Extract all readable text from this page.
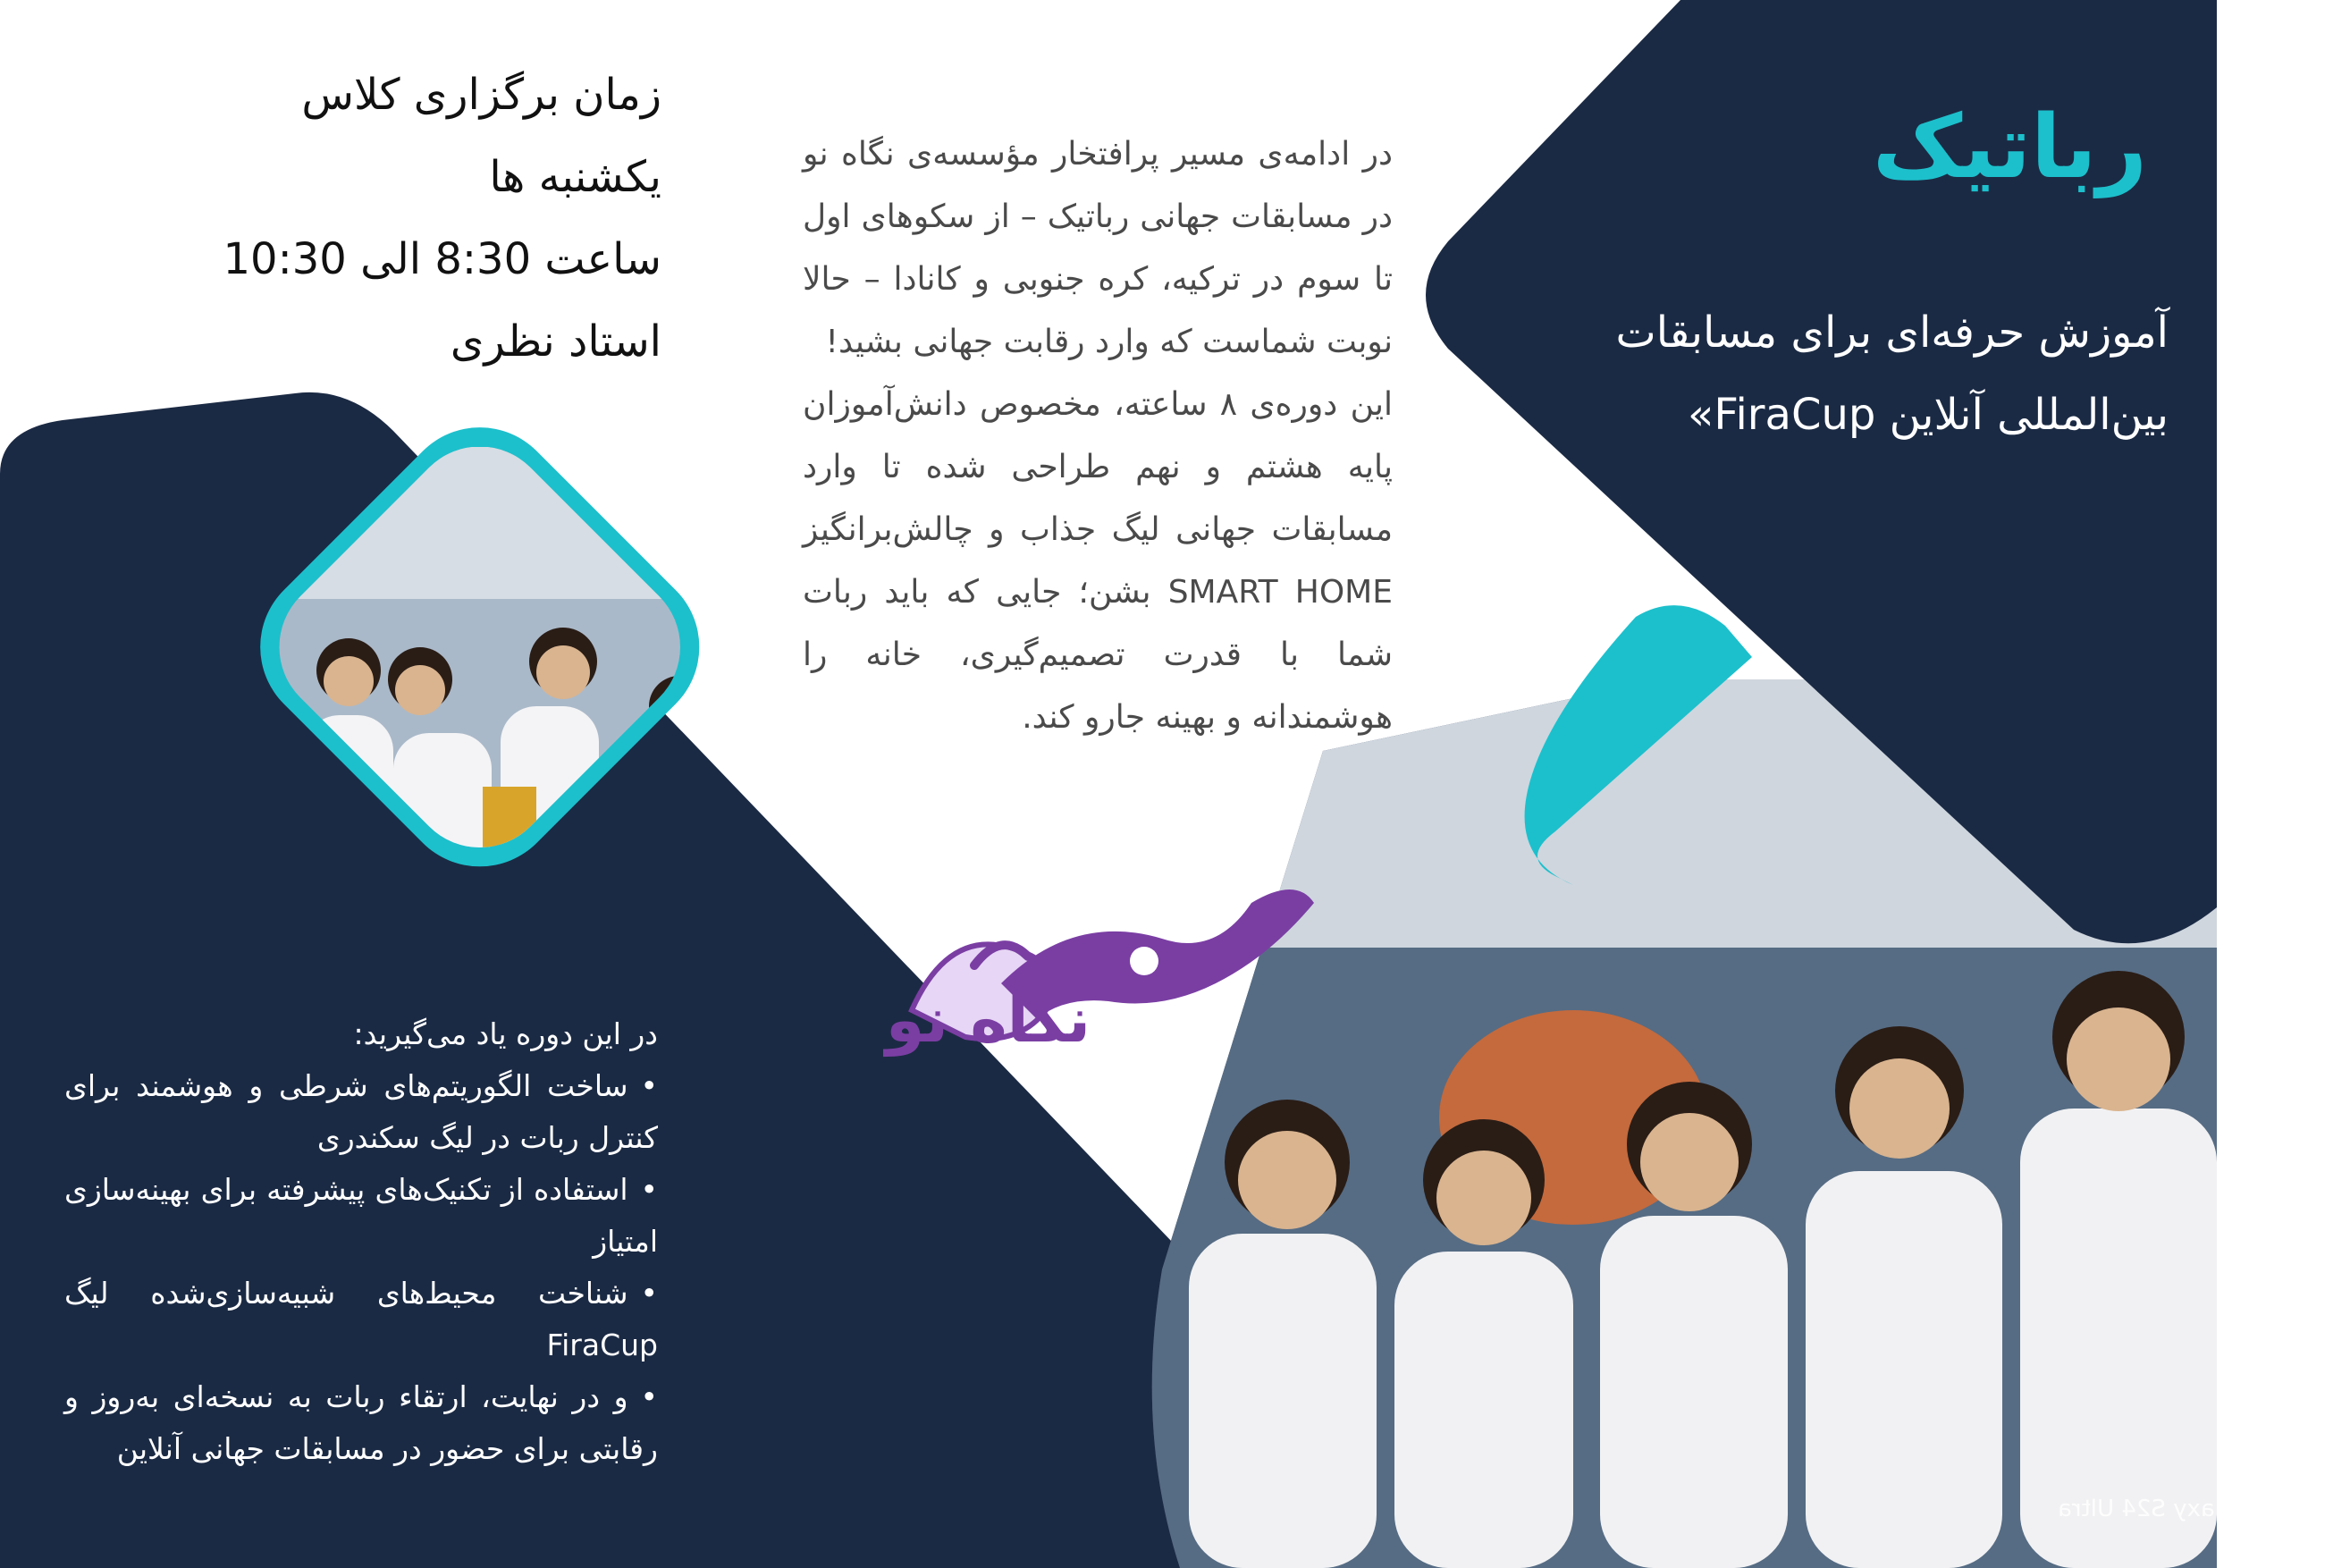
زمان برگزاری کلاس
یکشنبه ها
ساعت 8:30 الی 10:30
استاد نظری

در ادامه‌ی مسیر پرافتخار مؤسسه‌ی نگاه نو در مسابقات جهانی رباتیک – از سکوهای اول تا سوم در ترکیه، کره جنوبی و کانادا – حالا نوبت شماست که وارد رقابت جهانی بشید!

این دوره‌ی ۸ ساعته، مخصوص دانش‌آموزان پایه هشتم و نهم طراحی شده تا وارد مسابقات جهانی لیگ جذاب و چالش‌برانگیز SMART HOME بشن؛ جایی که باید ربات شما با قدرت تصمیم‌گیری، خانه را هوشمندانه و بهینه جارو کند.

رباتیک
آموزش حرفه‌ای برای مسابقات بین‌المللی آنلاین FiraCup»
در این دوره یاد می‌گیرید:
•ساخت الگوریتم‌های شرطی و هوشمند برای کنترل ربات در لیگ سکندری
•استفاده از تکنیک‌های پیشرفته برای بهینه‌سازی امتیاز
•شناخت محیط‌های شبیه‌سازی‌شده لیگ FiraCup
•و در نهایت، ارتقاء ربات به نسخه‌ای به‌روز و رقابتی برای حضور در مسابقات جهانی آنلاین
نگاه نو
Shot on Galaxy S24 Ultra
